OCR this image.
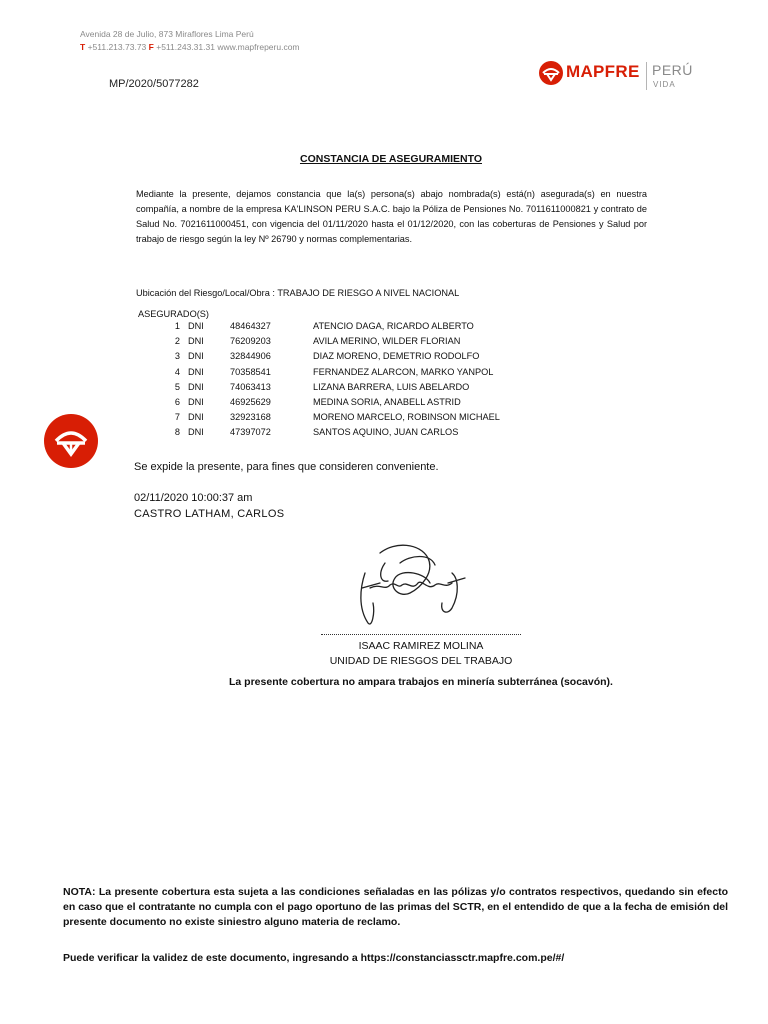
Avenida 28 de Julio, 873 Miraflores Lima Perú
T +511.213.73.73 F +511.243.31.31 www.mapfreperu.com
MP/2020/5077282
MAPFRE PERÚ
VIDA
CONSTANCIA DE ASEGURAMIENTO
Mediante la presente, dejamos constancia que la(s) persona(s) abajo nombrada(s) está(n) asegurada(s) en nuestra compañía, a nombre de la empresa KA'LINSON PERU S.A.C. bajo la Póliza de Pensiones No. 7011611000821 y contrato de Salud No. 7021611000451, con vigencia del 01/11/2020 hasta el 01/12/2020, con las coberturas de Pensiones y Salud por trabajo de riesgo según la ley Nº 26790 y normas complementarias.
Ubicación del Riesgo/Local/Obra : TRABAJO DE RIESGO A NIVEL NACIONAL
ASEGURADO(S)
1 DNI	48464327	ATENCIO DAGA, RICARDO ALBERTO
2 DNI	76209203	AVILA MERINO, WILDER FLORIAN
3 DNI	32844906	DIAZ MORENO, DEMETRIO RODOLFO
4 DNI	70358541	FERNANDEZ ALARCON, MARKO YANPOL
5 DNI	74063413	LIZANA BARRERA, LUIS ABELARDO
6 DNI	46925629	MEDINA SORIA, ANABELL ASTRID
7 DNI	32923168	MORENO MARCELO, ROBINSON MICHAEL
8 DNI	47397072	SANTOS AQUINO, JUAN CARLOS
Se expide la presente, para fines que consideren conveniente.
02/11/2020 10:00:37 am
CASTRO LATHAM, CARLOS
ISAAC RAMIREZ MOLINA
UNIDAD DE RIESGOS DEL TRABAJO
La presente cobertura no ampara trabajos en minería subterránea (socavón).
NOTA: La presente cobertura esta sujeta a las condiciones señaladas en las pólizas y/o contratos respectivos, quedando sin efecto en caso que el contratante no cumpla con el pago oportuno de las primas del SCTR, en el entendido de que a la fecha de emisión del presente documento no existe siniestro alguno materia de reclamo.
Puede verificar la validez de este documento, ingresando a https://constanciassctr.mapfre.com.pe/#/
